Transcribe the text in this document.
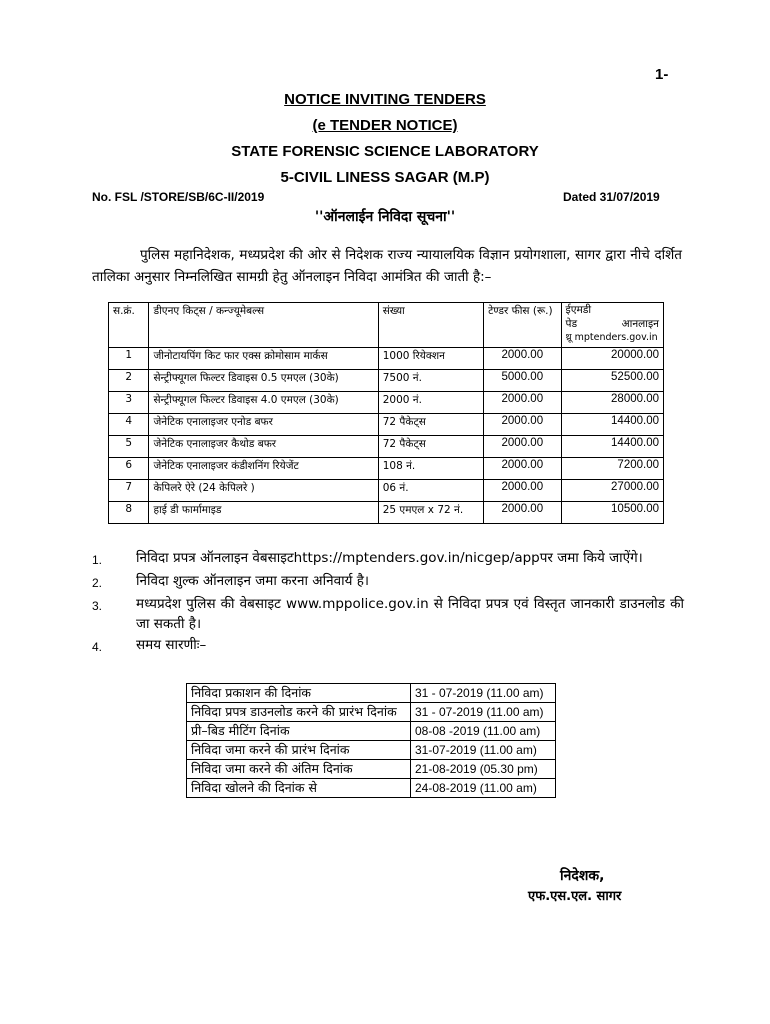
1-
NOTICE INVITING TENDERS
(e TENDER NOTICE)
STATE FORENSIC SCIENCE LABORATORY
5-CIVIL LINESS SAGAR (M.P)
No. FSL /STORE/SB/6C-II/2019	Dated 31/07/2019
''ऑनलाईन निविदा सूचना''
पुलिस महानिदेशक, मध्यप्रदेश की ओर से निदेशक राज्य न्यायालयिक विज्ञान प्रयोगशाला, सागर द्वारा नीचे दर्शित तालिका अनुसार निम्नलिखित सामग्री हेतु ऑनलाइन निविदा आमंत्रित की जाती है:–
स.क्रं.	डीएनए किट्स / कन्ज्यूमेबल्स	संख्या	टेण्डर फीस (रू.)	ईएमडी
पेड आनलाइन
थ्रू mptenders.gov.in

1	जीनोटायपिंग किट फार एक्स क्रोमोसाम मार्कस	1000 रियेक्शन	2000.00	20000.00
2	सेन्ट्रीफ्यूगल फिल्टर डिवाइस 0.5 एमएल (30के)	7500 नं.	5000.00	52500.00
3	सेन्ट्रीफ्यूगल फिल्टर डिवाइस 4.0 एमएल (30के)	2000 नं.	2000.00	28000.00
4	जेनेटिक एनालाइजर एनोड बफर	72 पैकेट्स	2000.00	14400.00
5	जेनेटिक एनालाइजर कैथोड बफर	72 पैकेट्स	2000.00	14400.00
6	जेनेटिक एनालाइजर कंडीशनिंग रियेजेंट	108 नं.	2000.00	7200.00
7	केपिलरे ऐरे (24 केपिलरे )	06 नं.	2000.00	27000.00
8	हाई डी फार्मामाइड	25 एमएल x 72 नं.	2000.00	10500.00
1.	निविदा प्रपत्र ऑनलाइन वेबसाइटhttps://mptenders.gov.in/nicgep/appपर जमा किये जाऐंगे।
2.	निविदा शुल्क ऑनलाइन जमा करना अनिवार्य है।
3.	मध्यप्रदेश पुलिस की वेबसाइट www.mppolice.gov.in से निविदा प्रपत्र एवं विस्तृत जानकारी डाउनलोड की जा सकती है।
4.	समय सारणीः–
निविदा प्रकाशन की दिनांक	31 - 07-2019 (11.00 am)
निविदा प्रपत्र डाउनलोड करने की प्रारंभ दिनांक	31 - 07-2019 (11.00 am)
प्री–बिड मीटिंग दिनांक	08-08 -2019 (11.00 am)
निविदा जमा करने की प्रारंभ दिनांक	31-07-2019 (11.00 am)
निविदा जमा करने की अंतिम दिनांक	21-08-2019 (05.30 pm)
निविदा खोलने की दिनांक से	24-08-2019 (11.00 am)
निदेशक,
एफ.एस.एल. सागर
